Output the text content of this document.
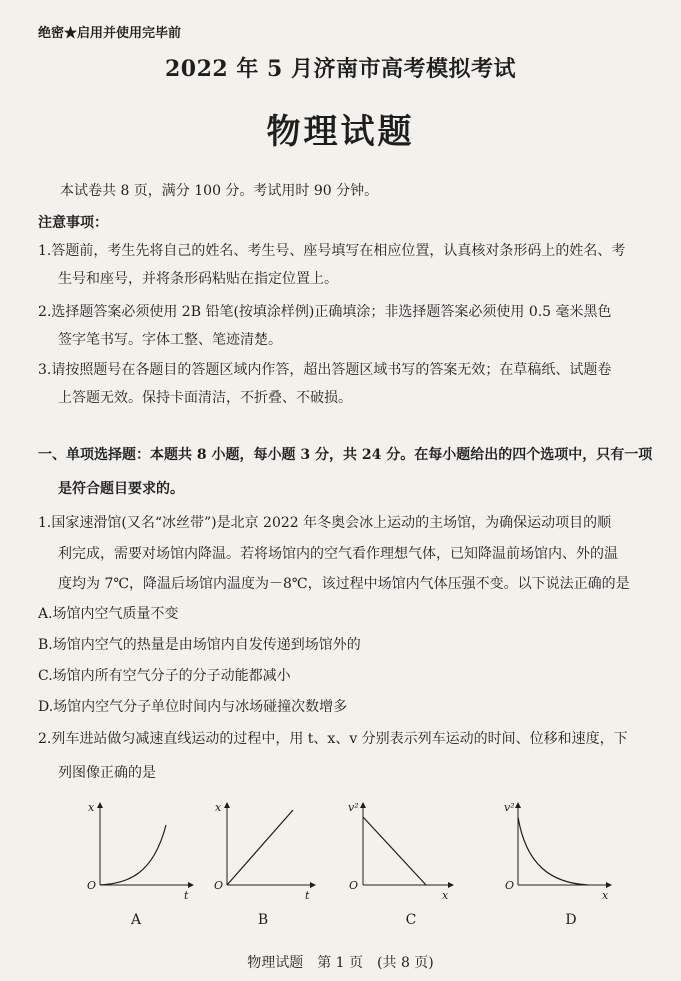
绝密★启用并使用完毕前
2022 年 5 月济南市高考模拟考试
物理试题
本试卷共 8 页，满分 100 分。考试用时 90 分钟。
注意事项：
1.答题前，考生先将自己的姓名、考生号、座号填写在相应位置，认真核对条形码上的姓名、考
生号和座号，并将条形码粘贴在指定位置上。
2.选择题答案必须使用 2B 铅笔(按填涂样例)正确填涂；非选择题答案必须使用 0.5 毫米黑色
签字笔书写。字体工整、笔迹清楚。
3.请按照题号在各题目的答题区域内作答，超出答题区域书写的答案无效；在草稿纸、试题卷
上答题无效。保持卡面清洁，不折叠、不破损。
一、单项选择题：本题共 8 小题，每小题 3 分，共 24 分。在每小题给出的四个选项中，只有一项
是符合题目要求的。
1.国家速滑馆(又名“冰丝带”)是北京 2022 年冬奥会冰上运动的主场馆，为确保运动项目的顺
利完成，需要对场馆内降温。若将场馆内的空气看作理想气体，已知降温前场馆内、外的温
度均为 7℃，降温后场馆内温度为－8℃，该过程中场馆内气体压强不变。以下说法正确的是
A.场馆内空气质量不变
B.场馆内空气的热量是由场馆内自发传递到场馆外的
C.场馆内所有空气分子的分子动能都减小
D.场馆内空气分子单位时间内与冰场碰撞次数增多
2.列车进站做匀减速直线运动的过程中，用 t、x、v 分别表示列车运动的时间、位移和速度，下
列图像正确的是
x
t
O
x
t
O
v²
x
O
v²
x
O
A	B	C	D
物理试题　第 1 页　(共 8 页)
